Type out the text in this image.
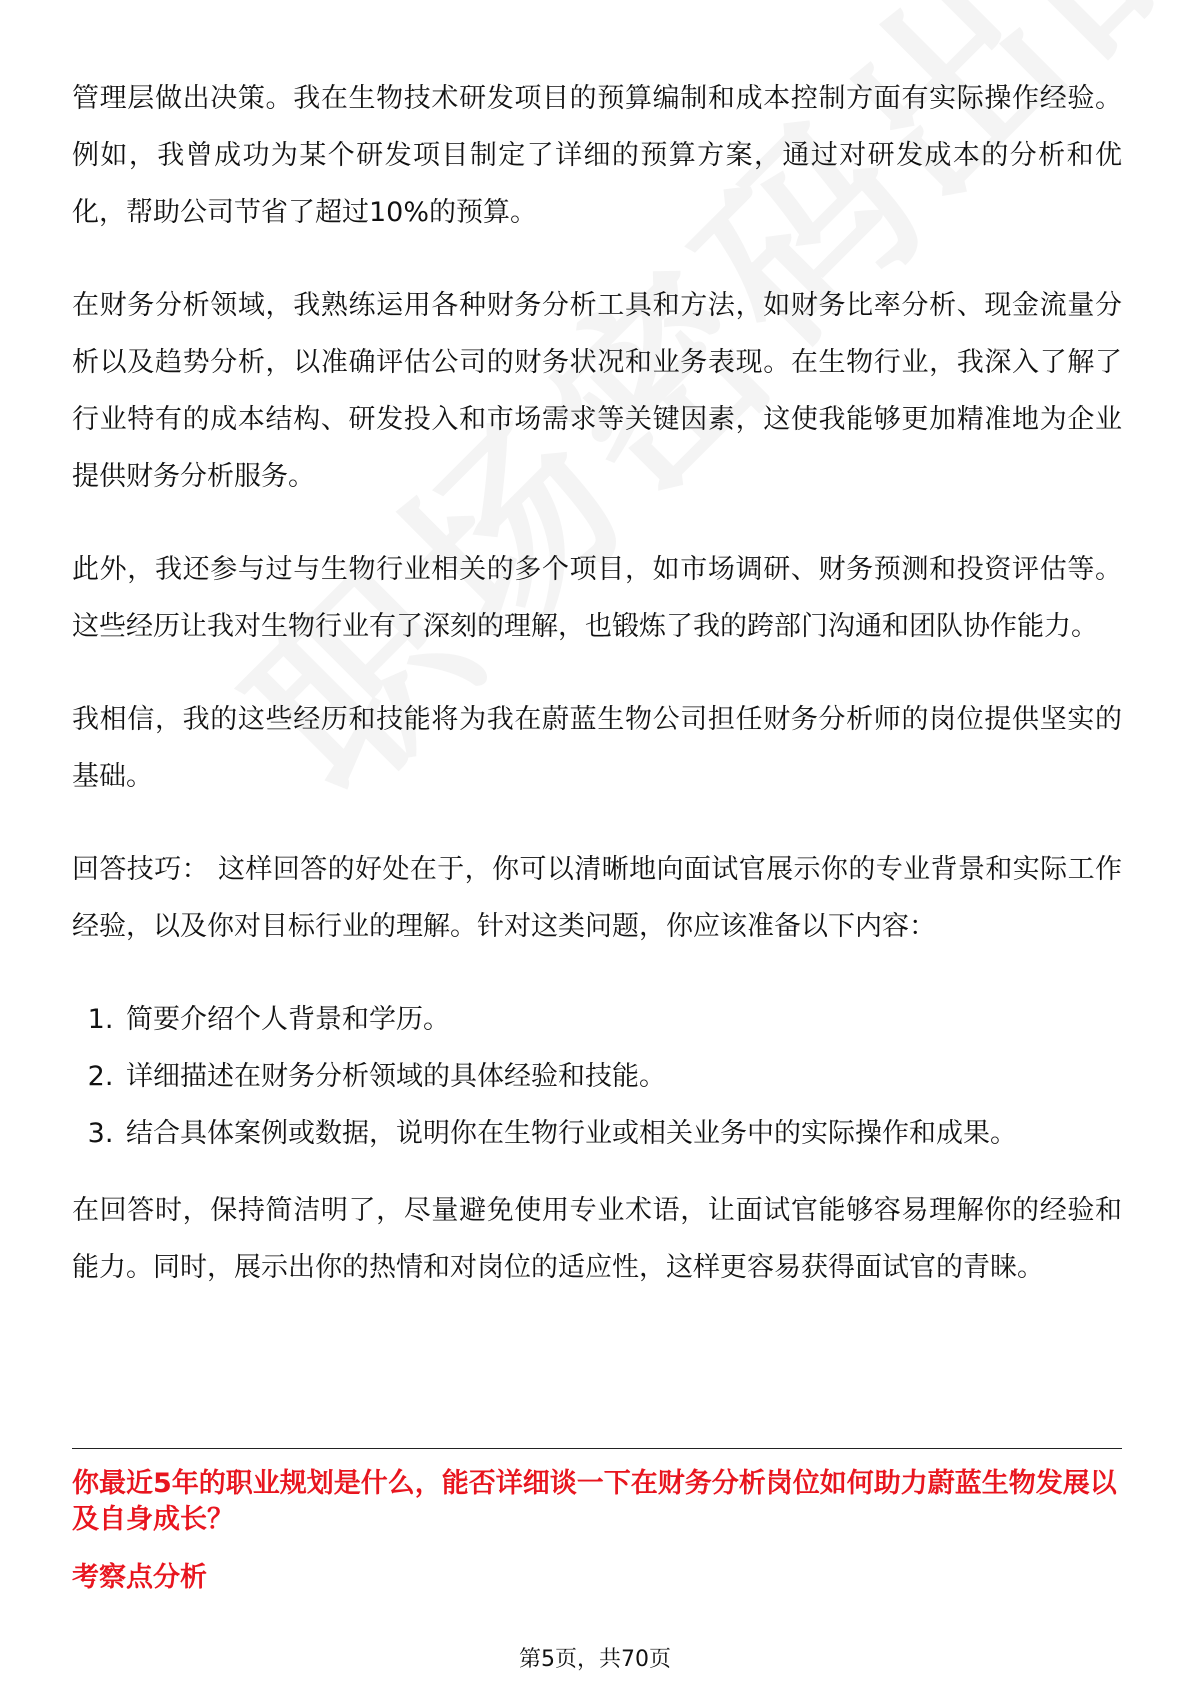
管理层做出决策。我在生物技术研发项目的预算编制和成本控制方面有实际操作经验。例如，我曾成功为某个研发项目制定了详细的预算方案，通过对研发成本的分析和优化，帮助公司节省了超过10%的预算。

在财务分析领域，我熟练运用各种财务分析工具和方法，如财务比率分析、现金流量分析以及趋势分析，以准确评估公司的财务状况和业务表现。在生物行业，我深入了解了行业特有的成本结构、研发投入和市场需求等关键因素，这使我能够更加精准地为企业提供财务分析服务。

此外，我还参与过与生物行业相关的多个项目，如市场调研、财务预测和投资评估等。这些经历让我对生物行业有了深刻的理解，也锻炼了我的跨部门沟通和团队协作能力。

我相信，我的这些经历和技能将为我在蔚蓝生物公司担任财务分析师的岗位提供坚实的基础。

回答技巧： 这样回答的好处在于，你可以清晰地向面试官展示你的专业背景和实际工作经验，以及你对目标行业的理解。针对这类问题，你应该准备以下内容：

1. 简要介绍个人背景和学历。
2. 详细描述在财务分析领域的具体经验和技能。
3. 结合具体案例或数据，说明你在生物行业或相关业务中的实际操作和成果。

在回答时，保持简洁明了，尽量避免使用专业术语，让面试官能够容易理解你的经验和能力。同时，展示出你的热情和对岗位的适应性，这样更容易获得面试官的青睐。

你最近5年的职业规划是什么，能否详细谈一下在财务分析岗位如何助力蔚蓝生物发展以及自身成长？
考察点分析
第5页，共70页
